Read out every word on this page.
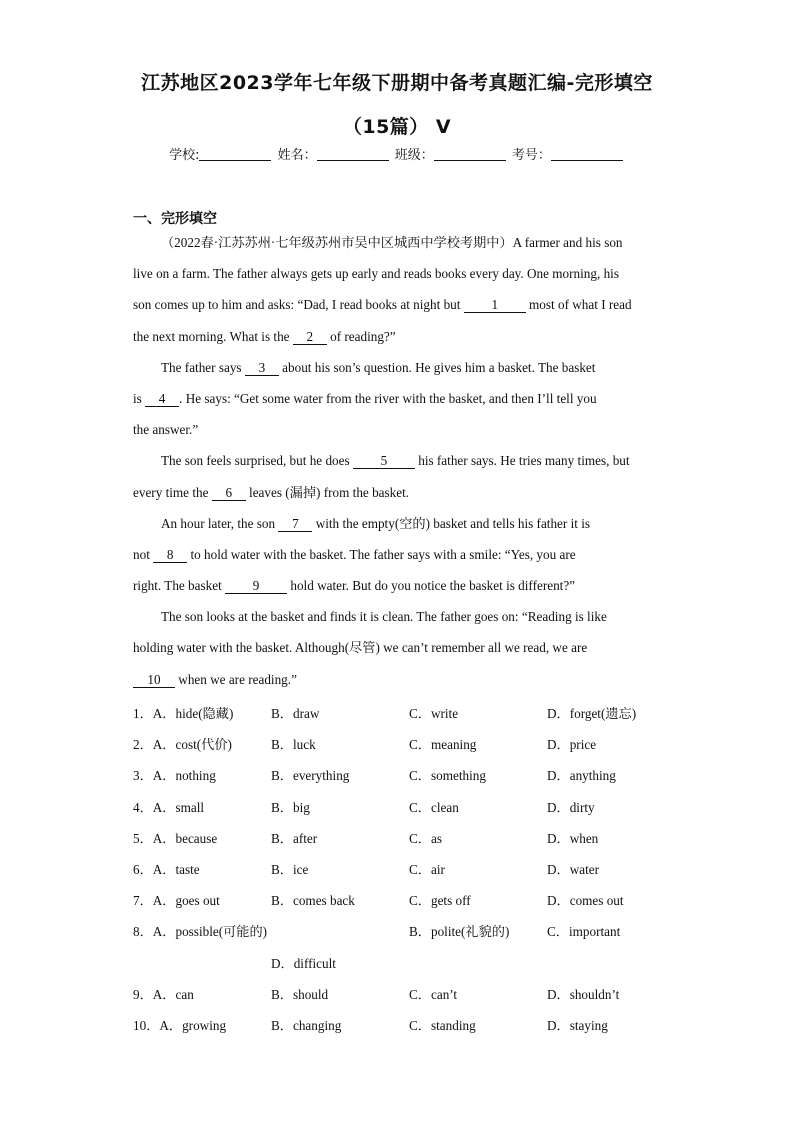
江苏地区2023学年七年级下册期中备考真题汇编-完形填空
（15篇） V
学校:	姓名：	班级：	考号：
一、完形填空
（2022春·江苏苏州·七年级苏州市吴中区城西中学校考期中）A farmer and his son
live on a farm. The father always gets up early and reads books every day. One morning, his
son comes up to him and asks: “Dad, I read books at night but 1 most of what I read
the next morning. What is the 2 of reading?”
The father says 3 about his son’s question. He gives him a basket. The basket
is 4 . He says: “Get some water from the river with the basket, and then I’ll tell you
the answer.”
The son feels surprised, but he does 5 his father says. He tries many times, but
every time the 6 leaves (漏掉) from the basket.
An hour later, the son 7 with the empty(空的) basket and tells his father it is
not 8 to hold water with the basket. The father says with a smile: “Yes, you are
right. The basket 9 hold water. But do you notice the basket is different?”
The son looks at the basket and finds it is clean. The father goes on: “Reading is like
holding water with the basket. Although(尽管) we can’t remember all we read, we are
10 when we are reading.”
1．A．hide(隐藏)	B．draw	C．write	D．forget(遗忘)
2．A．cost(代价)	B．luck	C．meaning	D．price
3．A．nothing	B．everything	C．something	D．anything
4．A．small	B．big	C．clean	D．dirty
5．A．because	B．after	C．as	D．when
6．A．taste	B．ice	C．air	D．water
7．A．goes out	B．comes back	C．gets off	D．comes out
8．A．possible(可能的)	B．polite(礼貌的)	C．important
D．difficult
9．A．can	B．should	C．can’t	D．shouldn’t
10．A．growing	B．changing	C．standing	D．staying
